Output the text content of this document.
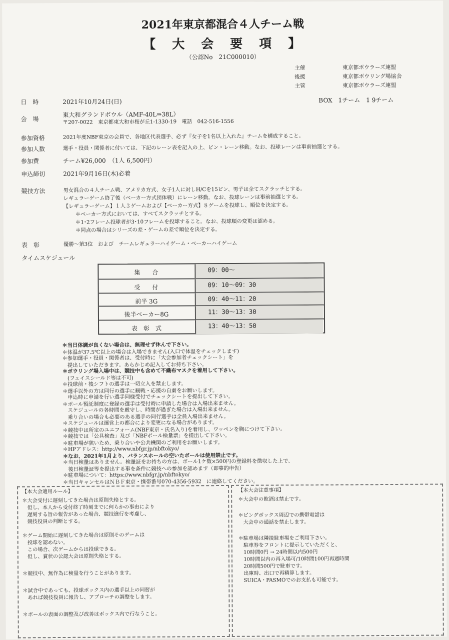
2021年東京都混合４人チーム戦
【　大　会　要　項　】
（公認No　21C000010）
主催	東京都ボウラーズ連盟
後援	東京都ボウリング場協会
主管	東京都ボウラーズ連盟
日　時	2021年10月24日(日)	BOX　1チーム　1 9チーム
会　場
東大和グランドボウル（AMF-40L⇒38L）
〒207-0022　東京都東大和市桜が丘1-1330-19　電話　042-516-1556
参加資格	2021年度NBF東京の会員で、各地区代表選手、必ず『女子を1名以上入れた』チームを構成すること。
参加人数	選手・役員・関係者に付いては、下記のレーン表を記入の上、ピン・レーン移動。なお、投球レーンは事前抽選とする。
参加費	チーム¥26,000　（1人 6,500円）
申込締切	2021年9月16日(木)必着
競技方法	男女混合の４人チーム戦、アメリカ方式、女子1人に対しH/Cを15ピン、男子は全てスクラッチとする。
レギュラーゲーム終了後（ベーカー方式団体戦）にレーン移動。なお、投球レーンは事前抽選とする。
【レギュラーゲーム】１人３ゲームおよび【ベーカー方式】８ゲームを投球し、順位を決定する。
＊ベーカー方式においては、すべてスクラッチとする。
＊1･2フレーム投球者が3･10フレームを投球すること。なお、投球順の変更は認める。
＊同点の場合はシリーズの差・ゲームの差で順位を決定する。
表　彰	優勝～第3位　および　チームレギュラーハイゲーム・ベーカーハイゲーム
タイムスケジュール
集　　合	09：00～
受　　付	09：10～09：30
前半 3G	09：40～11：20
後半ベーカー8G	11：30～13：30
表　彰　式	13：40～13：50
＊当日体調が良くない場合は、無理せず休んで下さい。
＊体温が37.5℃以上の場合は入場できません(入口で体温をチェックします)
＊参加選手・役員・関係者は、受付時に「大会参加者チェックシート」を
　提出していただきます。あらかじめ記入してお持ち下さい。
＊ボウリング場入場中は、競技中も含めて不織布マスクを着用して下さい。
　(フェイスシールド等は不可)
＊投球前・後シフトの選手は一切立入を禁止します。
＊選手以外の方は同行の選手に観戦・応援の自粛をお願いします。
　申込時に申請を行い選手同様受付でチェックシートを提出して下さい。
＊ボール預託制度に登録の選手は受付時に申請した場合は入場出来ません。
　スケジュールの各時間を厳守し、時間が過ぎた場合は入場出来ません。
　乗り合いの場合も必要のある選手の同行選手は全員入場出来ません。
＊スケジュールは運営上の都合により変更になる場合があります。
＊競技中は所定のユニフォーム(NBF東京・氏名入り)を着用し、ワッペンを胸につけて下さい。
＊競技では「公具検査」及び「NBFボール検量票」を提出して下さい。
＊駐車場が狭いため、乗り合いや公共機関のご利用をお願いします。
＊HPアドレス：http://www.nbfgr.jp/nbftokyo/
＊なお、2021年1月より、バランスホールの空いたボールは使用禁止です。
＊当日検量はありません。検量証をお持ちの方は、ボール1ケ数×500円の登録料を徴収した上で、
　後日検量証等を提出する事を条件に競技への参加を認めます（即事的申告）
＊駐車場について：https://www.nbfgr.jp/nbftokyo/
＊当日キャンセルはＮＢＦ東京・携帯番号070-4356-5932　に連絡してください。
【本大会適用ルール】
＊大会受付に遅刻してきた場合は原則失格とする。
　但し、本人から受付終了時刻までに何らかの事由により
　遅刻する旨の報告があった場合、競技進行を考慮し、
　競技役員の判断とする。
＊ゲーム開始に遅刻してきた場合は原則そのゲームは
　投球を認めない。
　この場合、次ゲームからは投球できる。
　但し、賞状の公認大会は原則失格とする。
＊競技中、無作為に検量を行うことがあります。
＊試合中であっても、投球ボックス内の選手以上の同習が
　あれば競技役員に報告し、アプローチの調整をします。
＊ボールの表面の調整及び改善はボックス内で行なうこと。
【本大会注意事項】
＊大会中の飲酒は禁止です。
＊ピングボックス周辺での携帯電話は
　大会中の通話を禁止します。
＊駐車場は隣接駐車場をご利用下さい。
　駐車券をフロントに提示していただくと、
　10時間0円 → 24時間以内500円
　10時間以内の再入場可/10時間100円再週時間
　20時間500円で駐車です。
　出庫時、出口で再精算します。
　SUICA・PASMOでのお支払も可能です。
